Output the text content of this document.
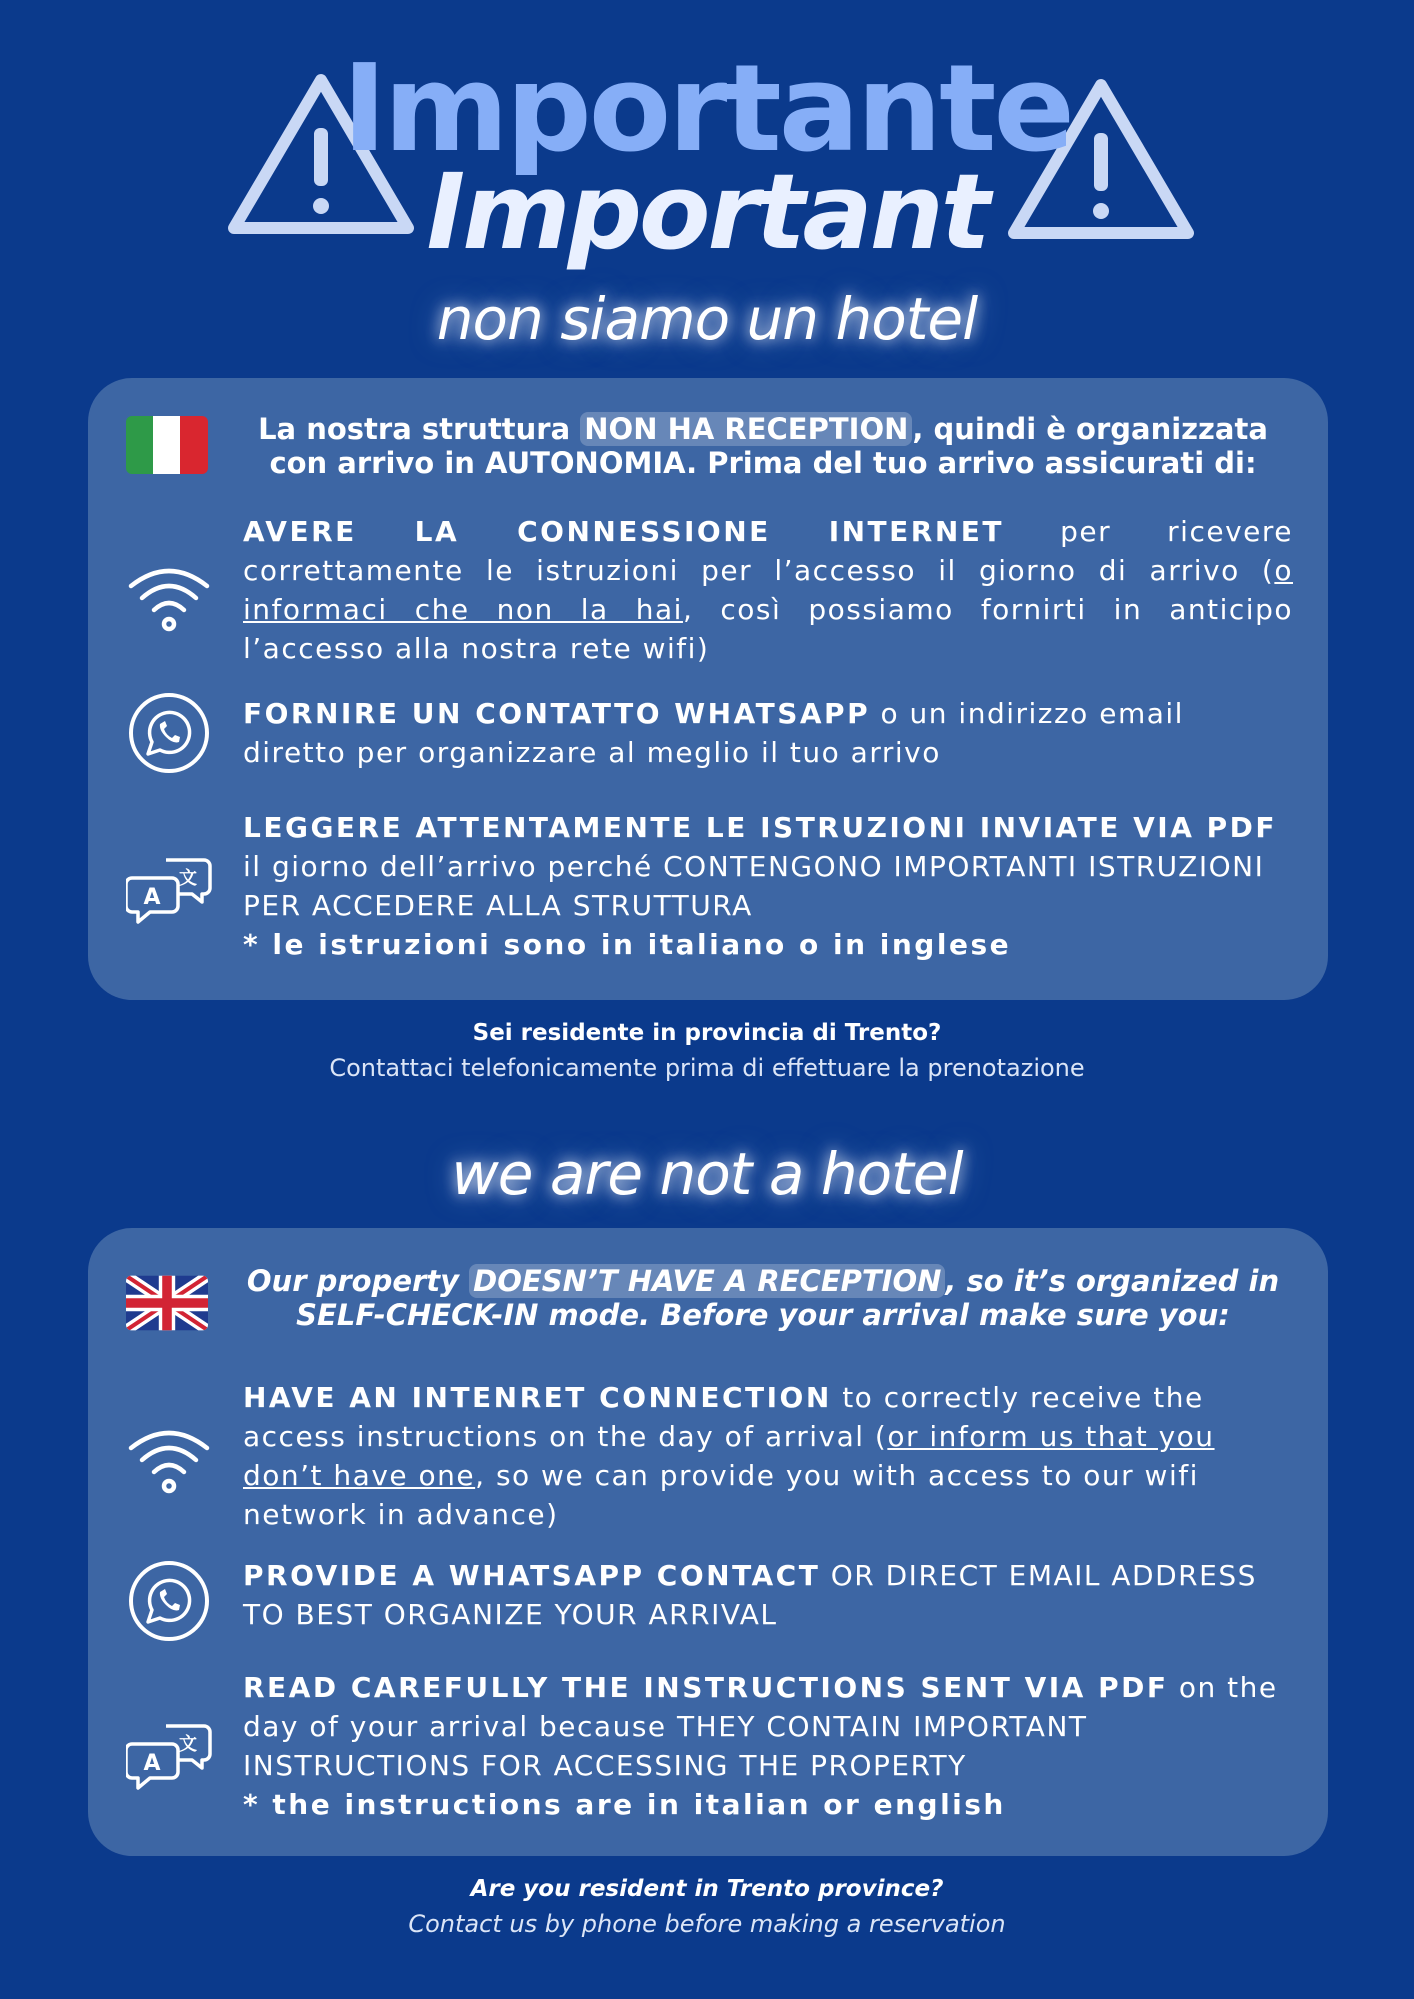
Importante
Important
non siamo un hotel
La nostra struttura NON HA RECEPTION , quindi è organizzata con arrivo in AUTONOMIA. Prima del tuo arrivo assicurati di:
AVERE LA CONNESSIONE INTERNET per ricevere correttamente le istruzioni per l’accesso il giorno di arrivo (o informaci che non la hai, così possiamo fornirti in anticipo l’accesso alla nostra rete wifi)
FORNIRE UN CONTATTO WHATSAPP o un indirizzo email diretto per organizzare al meglio il tuo arrivo
A
文
LEGGERE ATTENTAMENTE LE ISTRUZIONI INVIATE VIA PDF il giorno dell’arrivo perché CONTENGONO IMPORTANTI ISTRUZIONI PER ACCEDERE ALLA STRUTTURA
* le istruzioni sono in italiano o in inglese
Sei residente in provincia di Trento?
Contattaci telefonicamente prima di effettuare la prenotazione
we are not a hotel
Our property DOESN’T HAVE A RECEPTION , so it’s organized in SELF-CHECK-IN mode. Before your arrival make sure you:
HAVE AN INTENRET CONNECTION to correctly receive the access instructions on the day of arrival (or inform us that you don’t have one, so we can provide you with access to our wifi network in advance)
PROVIDE A WHATSAPP CONTACT OR DIRECT EMAIL ADDRESS TO BEST ORGANIZE YOUR ARRIVAL
A
文
READ CAREFULLY THE INSTRUCTIONS SENT VIA PDF on the day of your arrival because THEY CONTAIN IMPORTANT INSTRUCTIONS FOR ACCESSING THE PROPERTY
* the instructions are in italian or english
Are you resident in Trento province?
Contact us by phone before making a reservation
